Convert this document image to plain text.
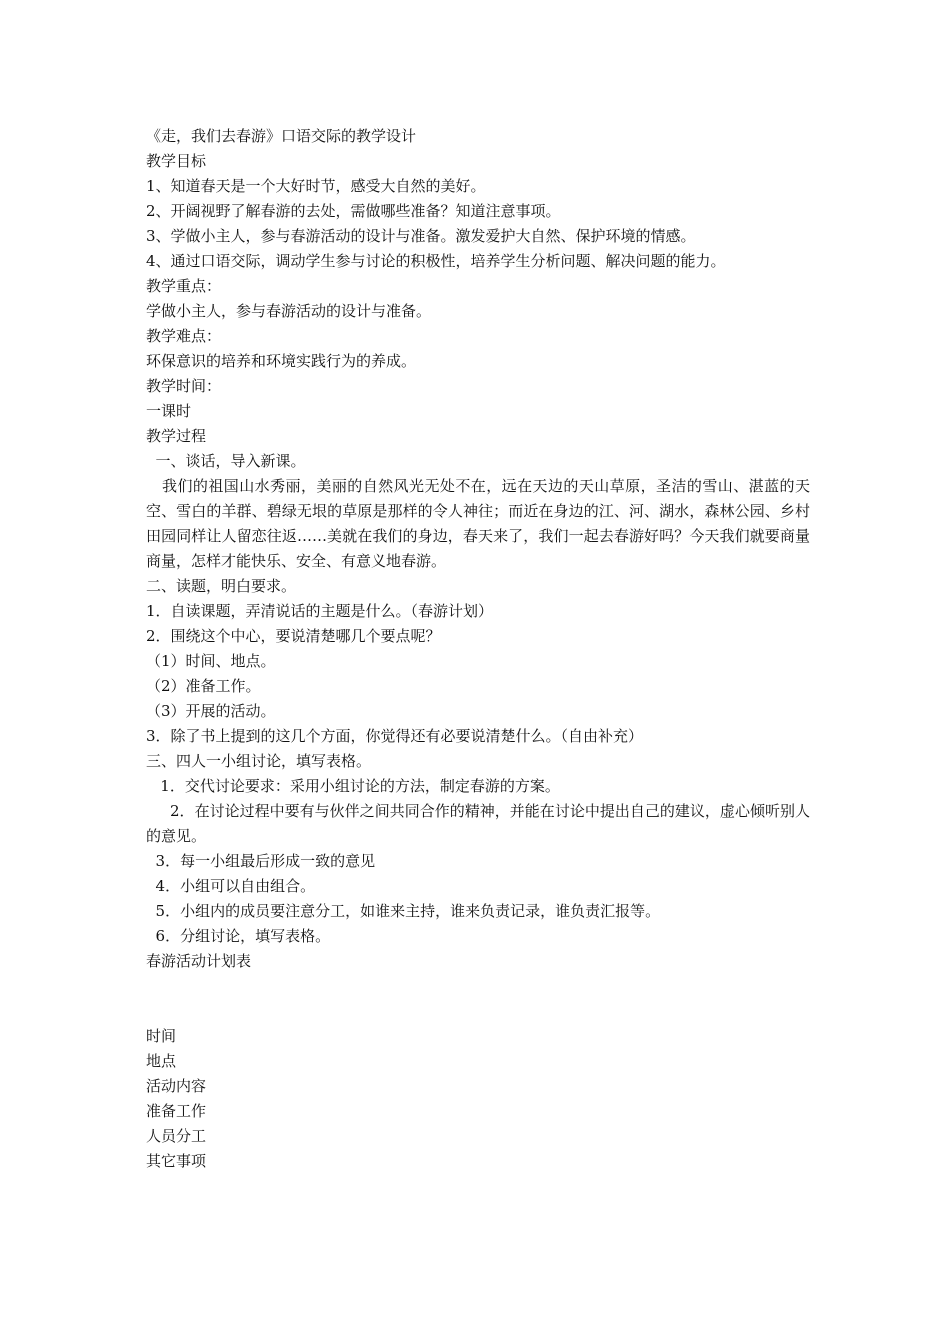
《走，我们去春游》口语交际的教学设计
教学目标
1、知道春天是一个大好时节，感受大自然的美好。
2、开阔视野了解春游的去处，需做哪些准备？知道注意事项。
3、学做小主人，参与春游活动的设计与准备。激发爱护大自然、保护环境的情感。
4、通过口语交际，调动学生参与讨论的积极性，培养学生分析问题、解决问题的能力。
教学重点：
学做小主人，参与春游活动的设计与准备。
教学难点：
环保意识的培养和环境实践行为的养成。
教学时间：
一课时
教学过程
一、谈话，导入新课。
我们的祖国山水秀丽，美丽的自然风光无处不在，远在天边的天山草原，圣洁的雪山、湛蓝的天空、雪白的羊群、碧绿无垠的草原是那样的令人神往；而近在身边的江、河、湖水，森林公园、乡村田园同样让人留恋往返……美就在我们的身边，春天来了，我们一起去春游好吗？今天我们就要商量商量，怎样才能快乐、安全、有意义地春游。
二、读题，明白要求。
1．自读课题，弄清说话的主题是什么。（春游计划）
2．围绕这个中心，要说清楚哪几个要点呢？
（1）时间、地点。
（2）准备工作。
（3）开展的活动。
3．除了书上提到的这几个方面，你觉得还有必要说清楚什么。（自由补充）
三、四人一小组讨论，填写表格。
1．交代讨论要求：采用小组讨论的方法，制定春游的方案。
2．在讨论过程中要有与伙伴之间共同合作的精神，并能在讨论中提出自己的建议，虚心倾听别人的意见。
3．每一小组最后形成一致的意见
4．小组可以自由组合。
5．小组内的成员要注意分工，如谁来主持，谁来负责记录，谁负责汇报等。
6．分组讨论，填写表格。
春游活动计划表
时间
地点
活动内容
准备工作
人员分工
其它事项
